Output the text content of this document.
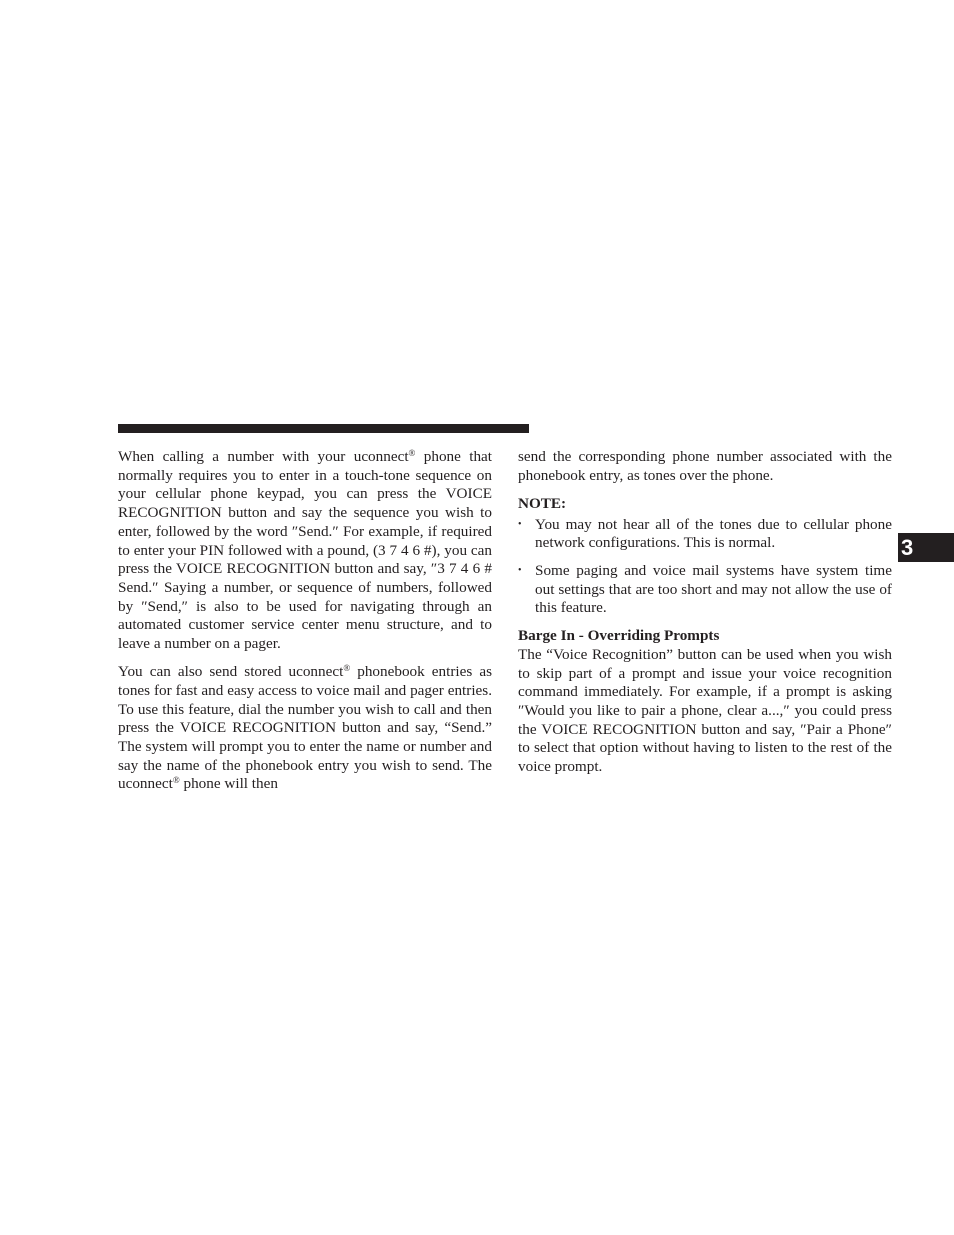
When calling a number with your uconnect® phone that normally requires you to enter in a touch-tone sequence on your cellular phone keypad, you can press the VOICE RECOGNITION button and say the sequence you wish to enter, followed by the word ″Send.″ For example, if required to enter your PIN followed with a pound, (3 7 4 6 #), you can press the VOICE RECOGNITION button and say, ″3 7 4 6 # Send.″ Saying a number, or sequence of numbers, followed by ″Send,″ is also to be used for navigating through an automated customer service center menu structure, and to leave a number on a pager.

You can also send stored uconnect® phonebook entries as tones for fast and easy access to voice mail and pager entries. To use this feature, dial the number you wish to call and then press the VOICE RECOGNITION button and say, “Send.” The system will prompt you to enter the name or number and say the name of the phonebook entry you wish to send. The uconnect® phone will then

send the corresponding phone number associated with the phonebook entry, as tones over the phone.

NOTE:

• You may not hear all of the tones due to cellular phone network configurations. This is normal.
• Some paging and voice mail systems have system time out settings that are too short and may not allow the use of this feature.

Barge In - Overriding Prompts

The “Voice Recognition” button can be used when you wish to skip part of a prompt and issue your voice recognition command immediately. For example, if a prompt is asking ″Would you like to pair a phone, clear a...,″ you could press the VOICE RECOGNITION button and say, ″Pair a Phone″ to select that option without having to listen to the rest of the voice prompt.

3
